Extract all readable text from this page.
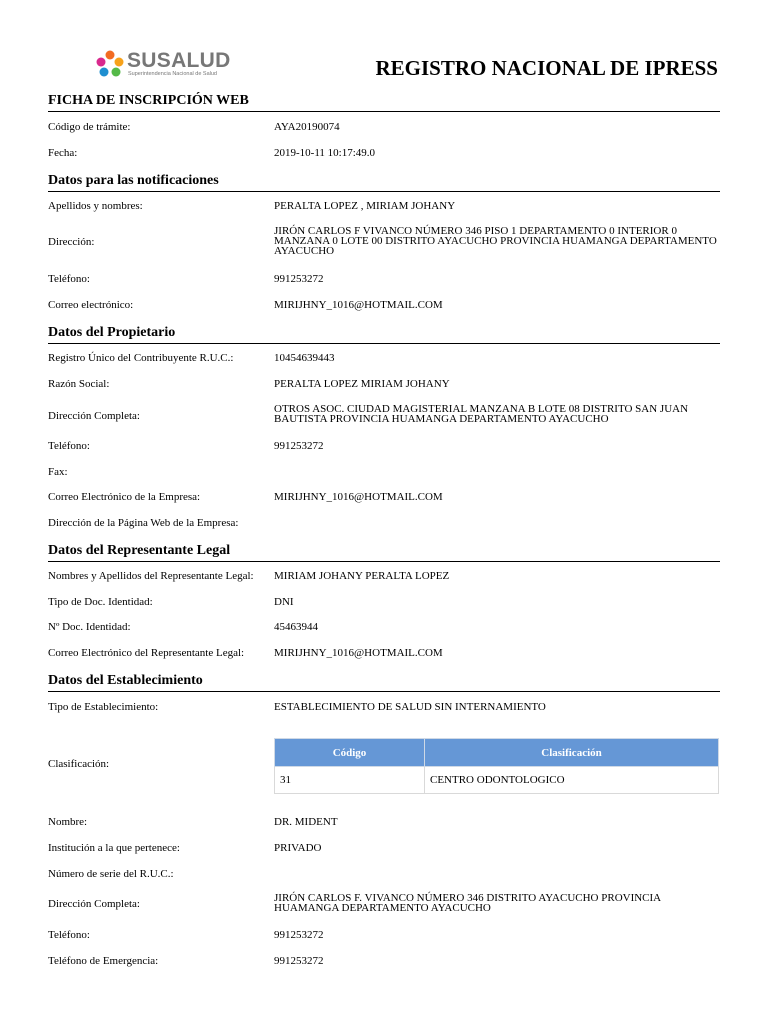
SUSALUD
Superintendencia Nacional de Salud	REGISTRO NACIONAL DE IPRESS
FICHA DE INSCRIPCIÓN WEB
Código de trámite:	AYA20190074
Fecha:	2019-10-11 10:17:49.0
Datos para las notificaciones
Apellidos y nombres:	PERALTA LOPEZ , MIRIAM JOHANY
Dirección:
JIRÓN CARLOS F VIVANCO NÚMERO 346 PISO 1 DEPARTAMENTO 0 INTERIOR 0 MANZANA 0 LOTE 00 DISTRITO AYACUCHO PROVINCIA HUAMANGA DEPARTAMENTO AYACUCHO
Teléfono:	991253272
Correo electrónico:	MIRIJHNY_1016@HOTMAIL.COM
Datos del Propietario
Registro Único del Contribuyente R.U.C.:	10454639443
Razón Social:	PERALTA LOPEZ MIRIAM JOHANY
Dirección Completa:
OTROS ASOC. CIUDAD MAGISTERIAL MANZANA B LOTE 08 DISTRITO SAN JUAN BAUTISTA PROVINCIA HUAMANGA DEPARTAMENTO AYACUCHO
Teléfono:	991253272
Fax:
Correo Electrónico de la Empresa:	MIRIJHNY_1016@HOTMAIL.COM
Dirección de la Página Web de la Empresa:
Datos del Representante Legal
Nombres y Apellidos del Representante Legal: MIRIAM JOHANY PERALTA LOPEZ
Tipo de Doc. Identidad:	DNI
Nº Doc. Identidad:	45463944
Correo Electrónico del Representante Legal:	MIRIJHNY_1016@HOTMAIL.COM
Datos del Establecimiento
Tipo de Establecimiento:	ESTABLECIMIENTO DE SALUD SIN INTERNAMIENTO
Clasificación:
Código	Clasificación
31	CENTRO ODONTOLOGICO
Nombre:	DR. MIDENT
Institución a la que pertenece:	PRIVADO
Número de serie del R.U.C.:
Dirección Completa:	JIRÓN CARLOS F. VIVANCO NÚMERO 346 DISTRITO AYACUCHO PROVINCIA HUAMANGA DEPARTAMENTO AYACUCHO
Teléfono:	991253272
Teléfono de Emergencia:	991253272
